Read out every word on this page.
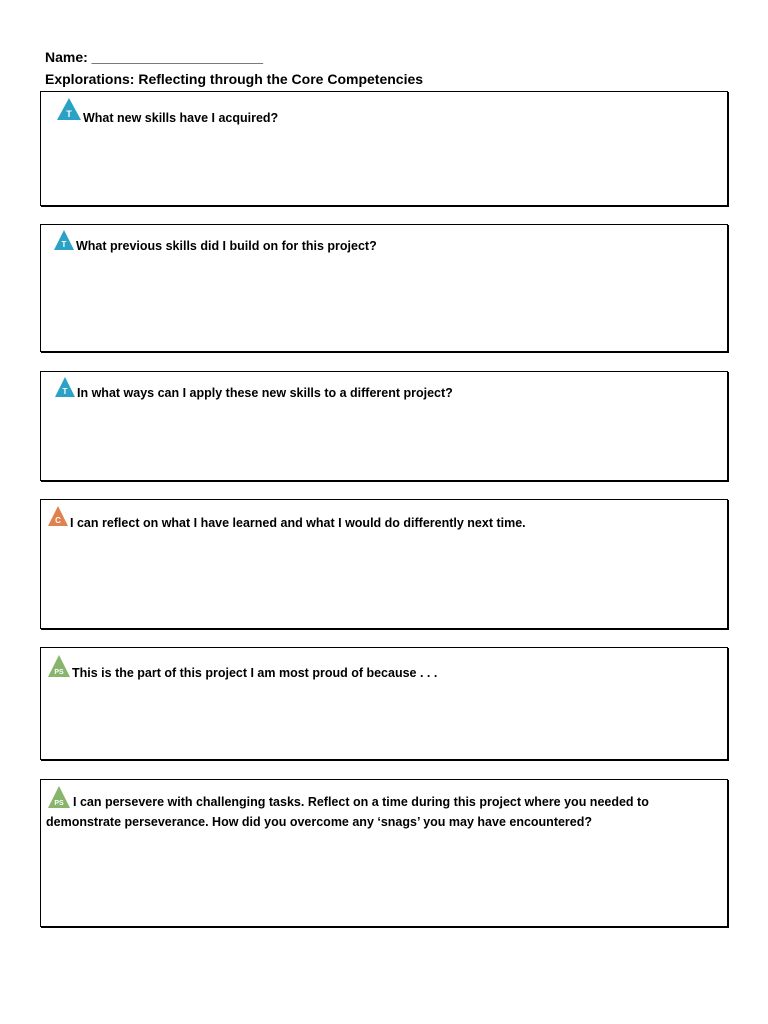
Name: ______________________
Explorations: Reflecting through the Core Competencies
T What new skills have I acquired?
T What previous skills did I build on for this project?
T In what ways can I apply these new skills to a different project?
C I can reflect on what I have learned and what I would do differently next time.
PS This is the part of this project I am most proud of because . . .
PS I can persevere with challenging tasks. Reflect on a time during this project where you needed to
demonstrate perseverance. How did you overcome any ‘snags’ you may have encountered?
